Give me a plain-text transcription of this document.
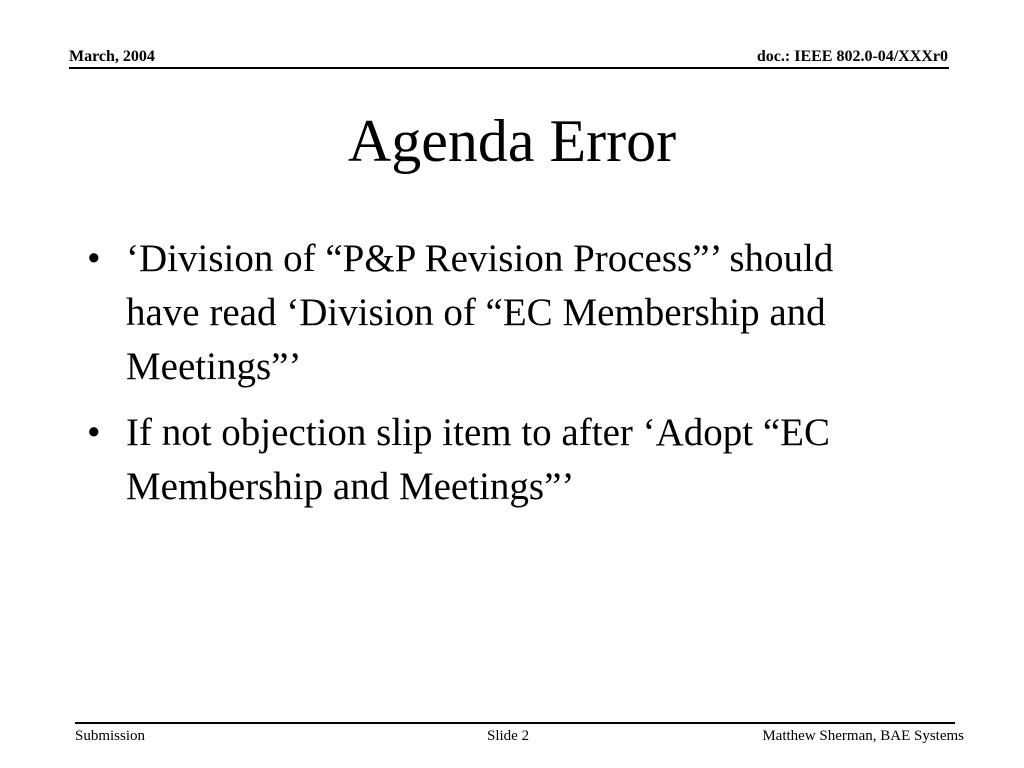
March, 2004	doc.: IEEE 802.0-04/XXXr0
Agenda Error
• ‘Division of “P&P Revision Process”’ should have read ‘Division of “EC Membership and Meetings”’
• If not objection slip item to after ‘Adopt “EC Membership and Meetings”’
Submission	Slide 2	Matthew Sherman, BAE Systems
